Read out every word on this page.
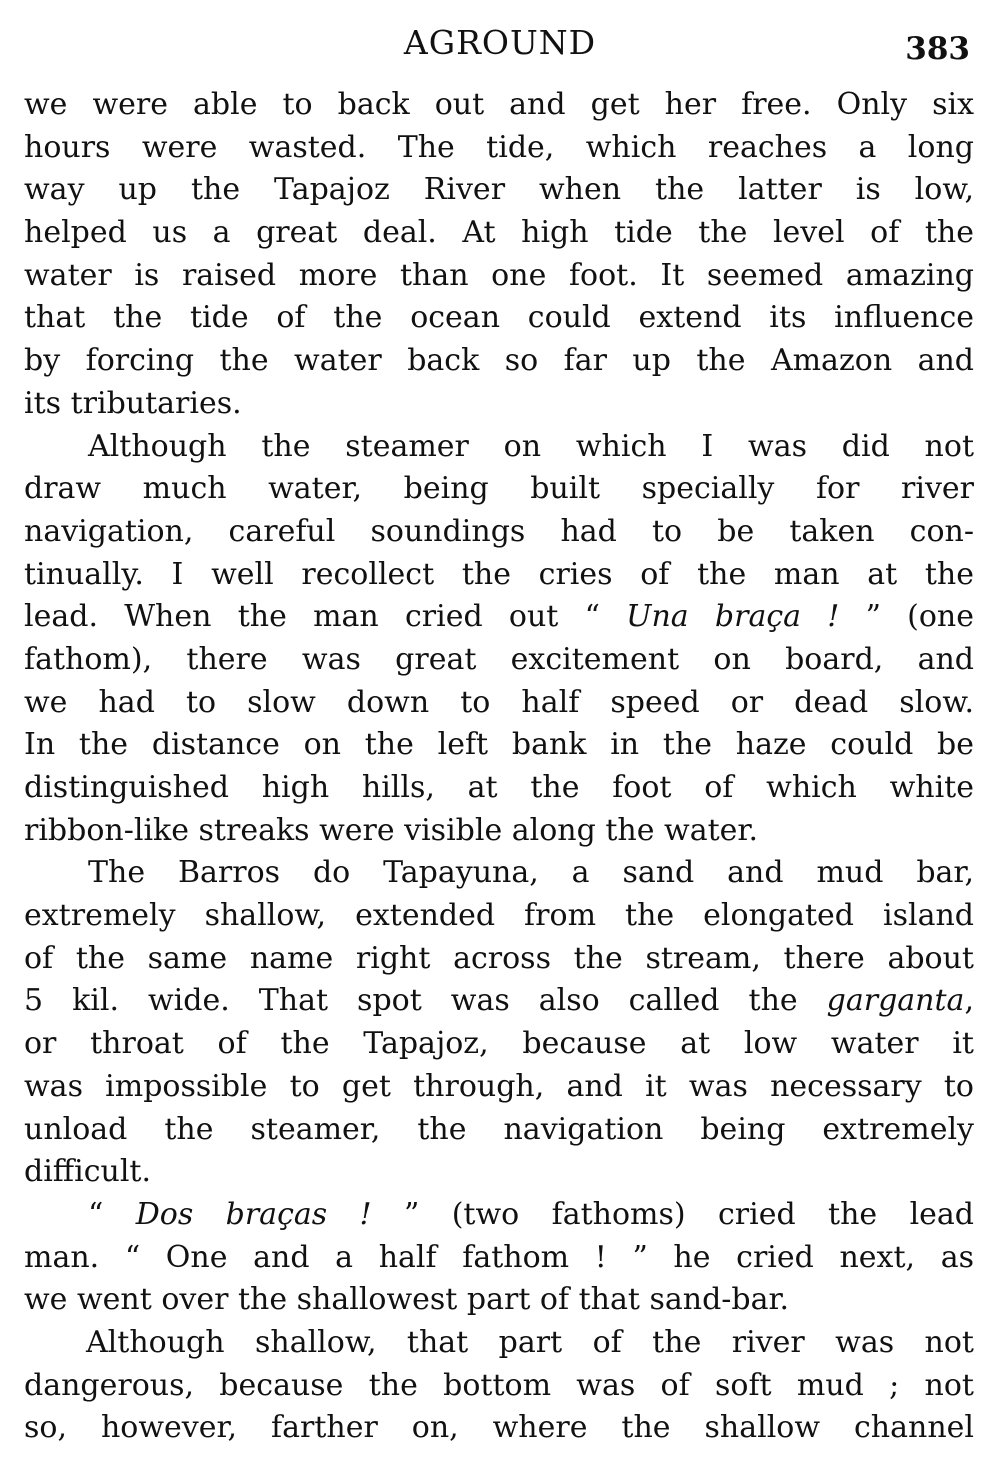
AGROUND	383
we were able to back out and get her free. Only six
hours were wasted. The tide, which reaches a long
way up the Tapajoz River when the latter is low,
helped us a great deal. At high tide the level of the
water is raised more than one foot. It seemed amazing
that the tide of the ocean could extend its influence
by forcing the water back so far up the Amazon and
its tributaries.
Although the steamer on which I was did not
draw much water, being built specially for river
navigation, careful soundings had to be taken con-
tinually. I well recollect the cries of the man at the
lead. When the man cried out “ Una braça ! ” (one
fathom), there was great excitement on board, and
we had to slow down to half speed or dead slow.
In the distance on the left bank in the haze could be
distinguished high hills, at the foot of which white
ribbon-like streaks were visible along the water.
The Barros do Tapayuna, a sand and mud bar,
extremely shallow, extended from the elongated island
of the same name right across the stream, there about
5 kil. wide. That spot was also called the garganta,
or throat of the Tapajoz, because at low water it
was impossible to get through, and it was necessary to
unload the steamer, the navigation being extremely
difficult.
“ Dos braças ! ” (two fathoms) cried the lead
man. “ One and a half fathom ! ” he cried next, as
we went over the shallowest part of that sand-bar.
Although shallow, that part of the river was not
dangerous, because the bottom was of soft mud ; not
so, however, farther on, where the shallow channel
